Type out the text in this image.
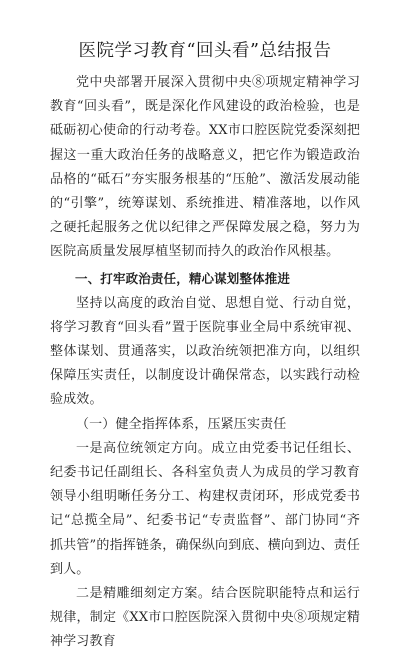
医院学习教育“回头看”总结报告

党中央部署开展深入贯彻中央⑧项规定精神学习教育“回头看”，既是深化作风建设的政治检验，也是砥砺初心使命的行动考卷。XX市口腔医院党委深刻把握这一重大政治任务的战略意义，把它作为锻造政治品格的“砥石”夯实服务根基的“压舱”、激活发展动能的“引擎”，统筹谋划、系统推进、精准落地，以作风之硬托起服务之优以纪律之严保障发展之稳，努力为医院高质量发展厚植坚韧而持久的政治作风根基。

一、打牢政治责任，精心谋划整体推进

坚持以高度的政治自觉、思想自觉、行动自觉，将学习教育“回头看”置于医院事业全局中系统审视、整体谋划、贯通落实，以政治统领把准方向，以组织保障压实责任，以制度设计确保常态，以实践行动检验成效。

（一）健全指挥体系，压紧压实责任

一是高位统领定方向。成立由党委书记任组长、纪委书记任副组长、各科室负责人为成员的学习教育领导小组明晰任务分工、构建权责闭环，形成党委书记“总揽全局”、纪委书记“专责监督”、部门协同“齐抓共管”的指挥链条，确保纵向到底、横向到边、责任到人。

二是精雕细刻定方案。结合医院职能特点和运行规律，制定《XX市口腔医院深入贯彻中央⑧项规定精神学习教育
